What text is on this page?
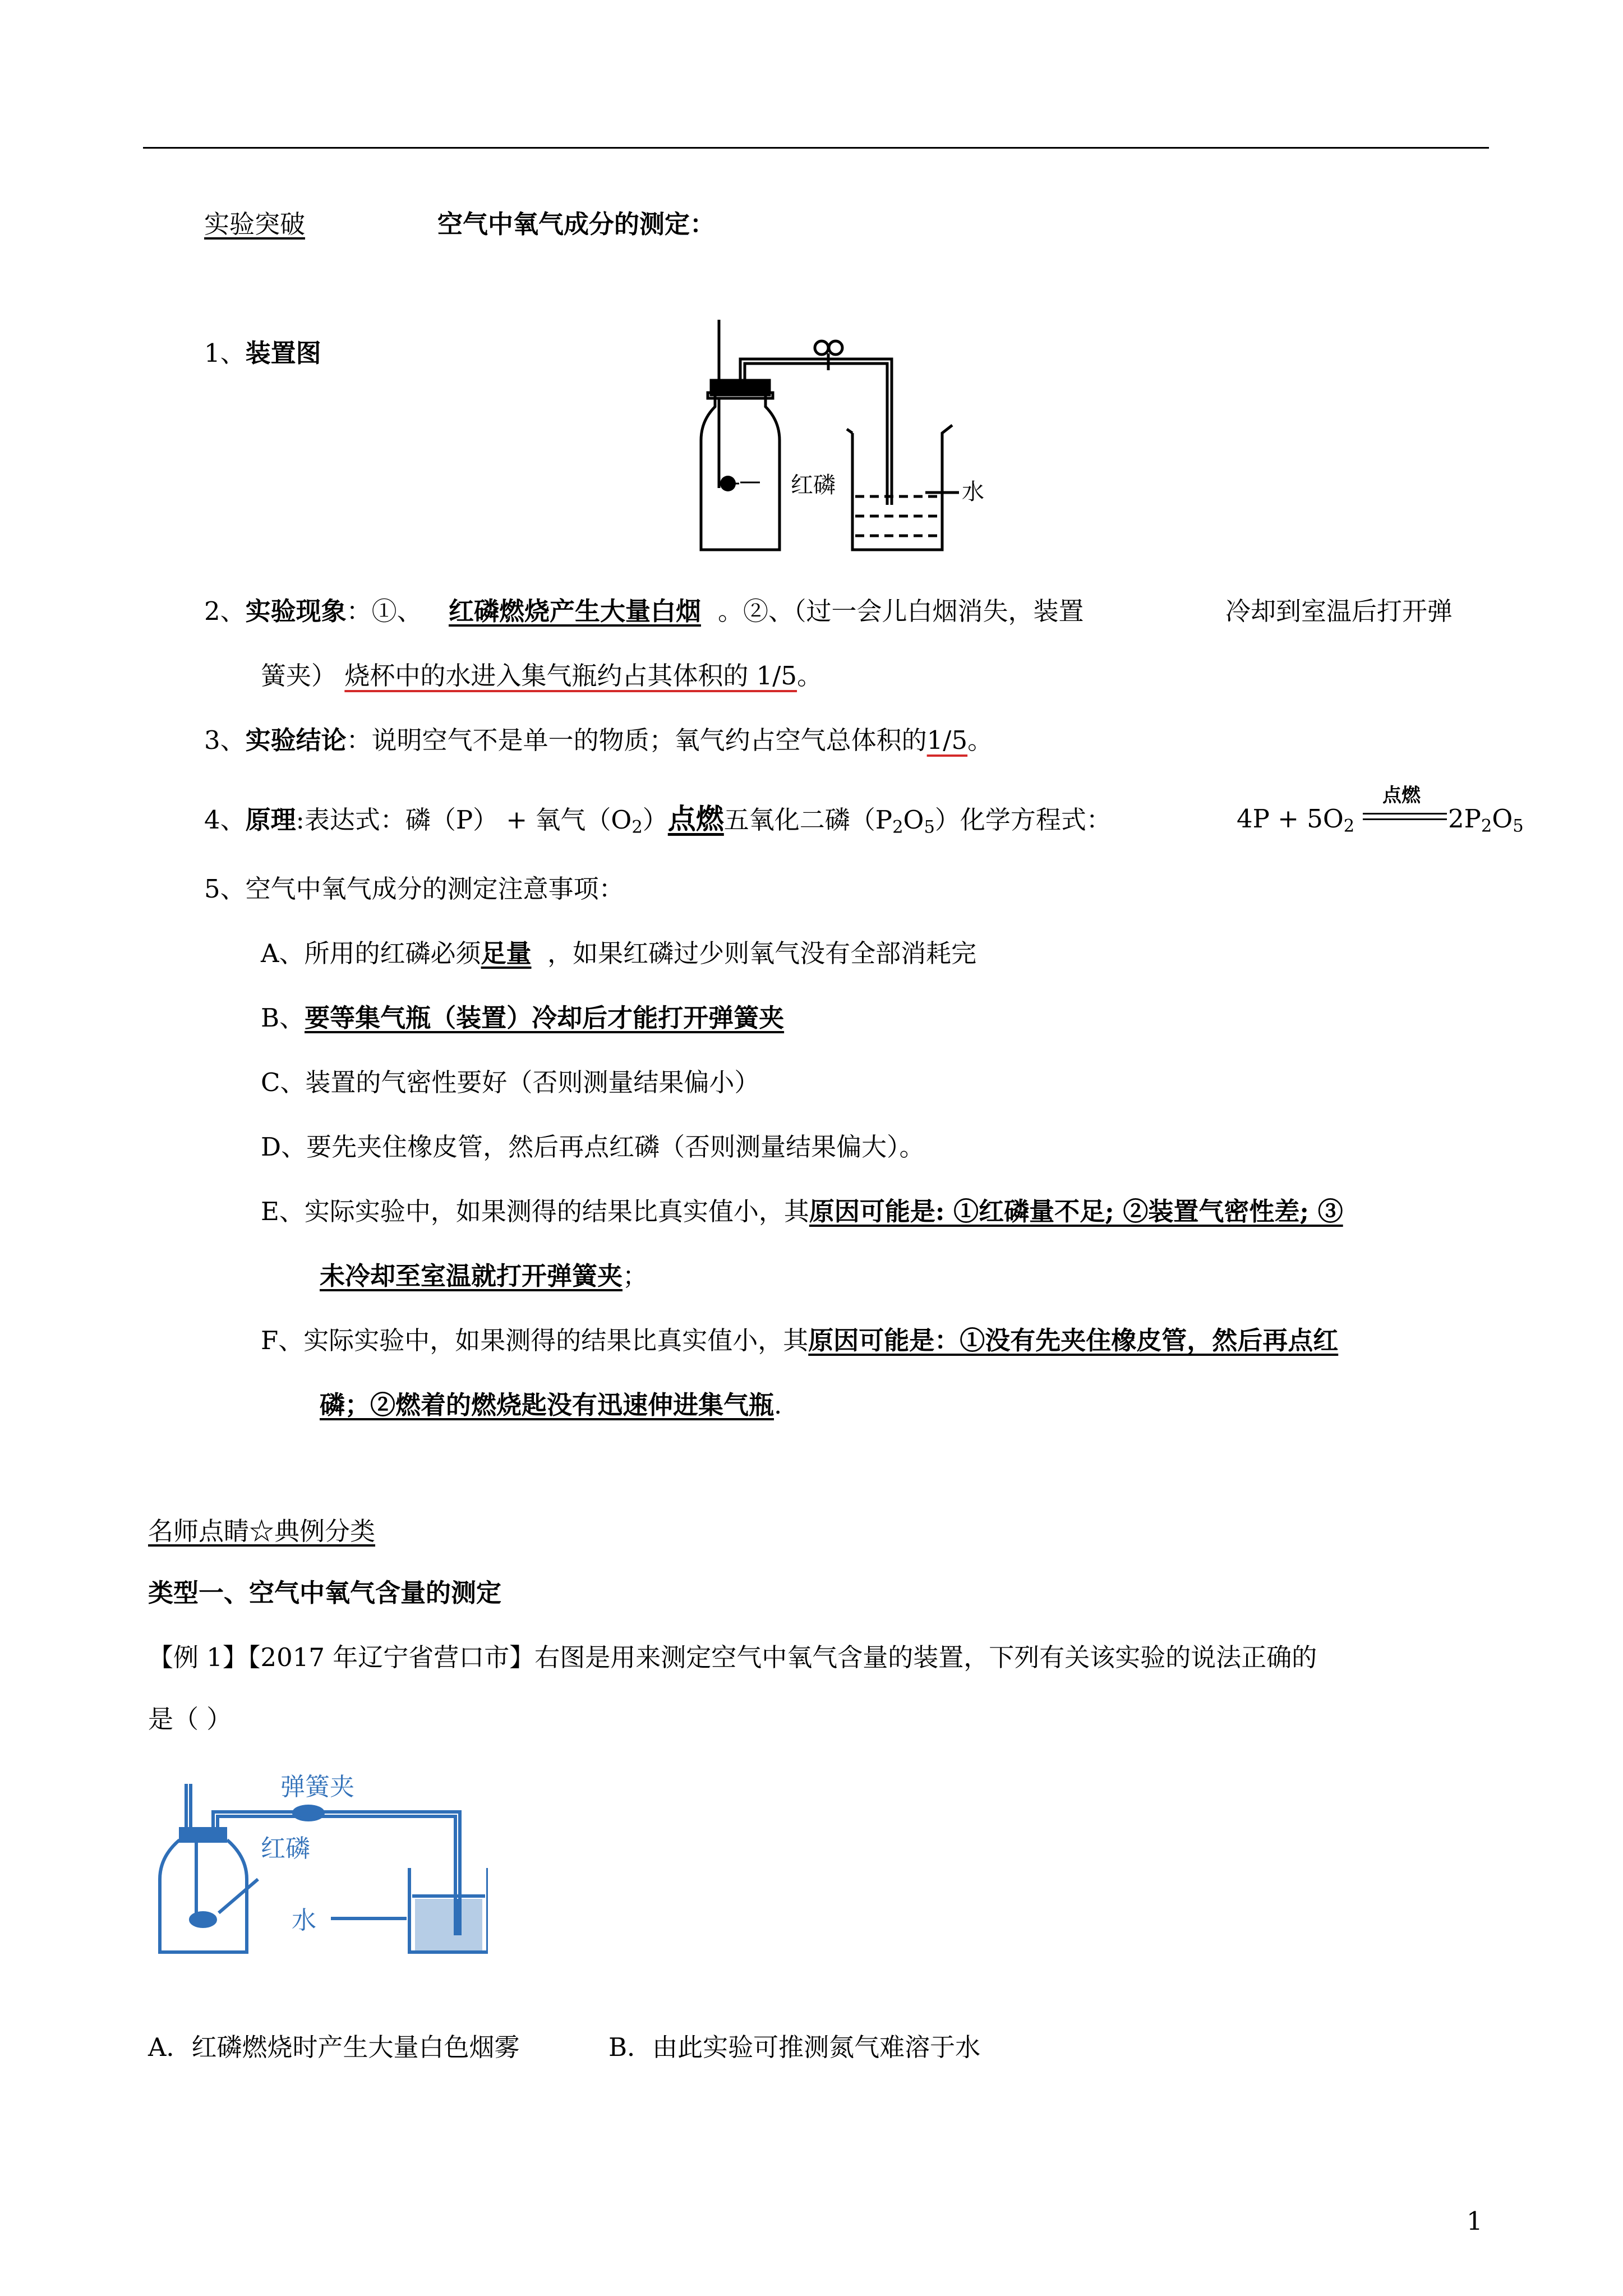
实验突破	空气中氧气成分的测定：
1、装置图
红磷	水
2、实验现象：①、 红磷燃烧产生大量白烟 。②、（过一会儿白烟消失，装置	冷却到室温后打开弹
簧夹） 烧杯中的水进入集气瓶约占其体积的 1/5。
3、实验结论：说明空气不是单一的物质；氧气约占空气总体积的1/5。
4、原理:表达式：磷（P） + 氧气$(O_2)$点燃五氧化二磷$(P_2O_5)$化学方程式：	$4P + 5O_2$
点燃
$2P_2O_5$
5、空气中氧气成分的测定注意事项：
A、所用的红磷必须足量 ，如果红磷过少则氧气没有全部消耗完
B、要等集气瓶（装置）冷却后才能打开弹簧夹
C、装置的气密性要好（否则测量结果偏小）
D、要先夹住橡皮管，然后再点红磷（否则测量结果偏大）。
E、实际实验中，如果测得的结果比真实值小，其原因可能是: ①红磷量不足; ②装置气密性差; ③
未冷却至室温就打开弹簧夹；
F、实际实验中，如果测得的结果比真实值小，其原因可能是：①没有先夹住橡皮管，然后再点红
磷；②燃着的燃烧匙没有迅速伸进集气瓶.
名师点睛☆典例分类
类型一、空气中氧气含量的测定
【例 1】【2017 年辽宁省营口市】右图是用来测定空气中氧气含量的装置，下列有关该实验的说法正确的
是（ ）
弹簧夹
红磷
水
A．红磷燃烧时产生大量白色烟雾	B．由此实验可推测氮气难溶于水
1
